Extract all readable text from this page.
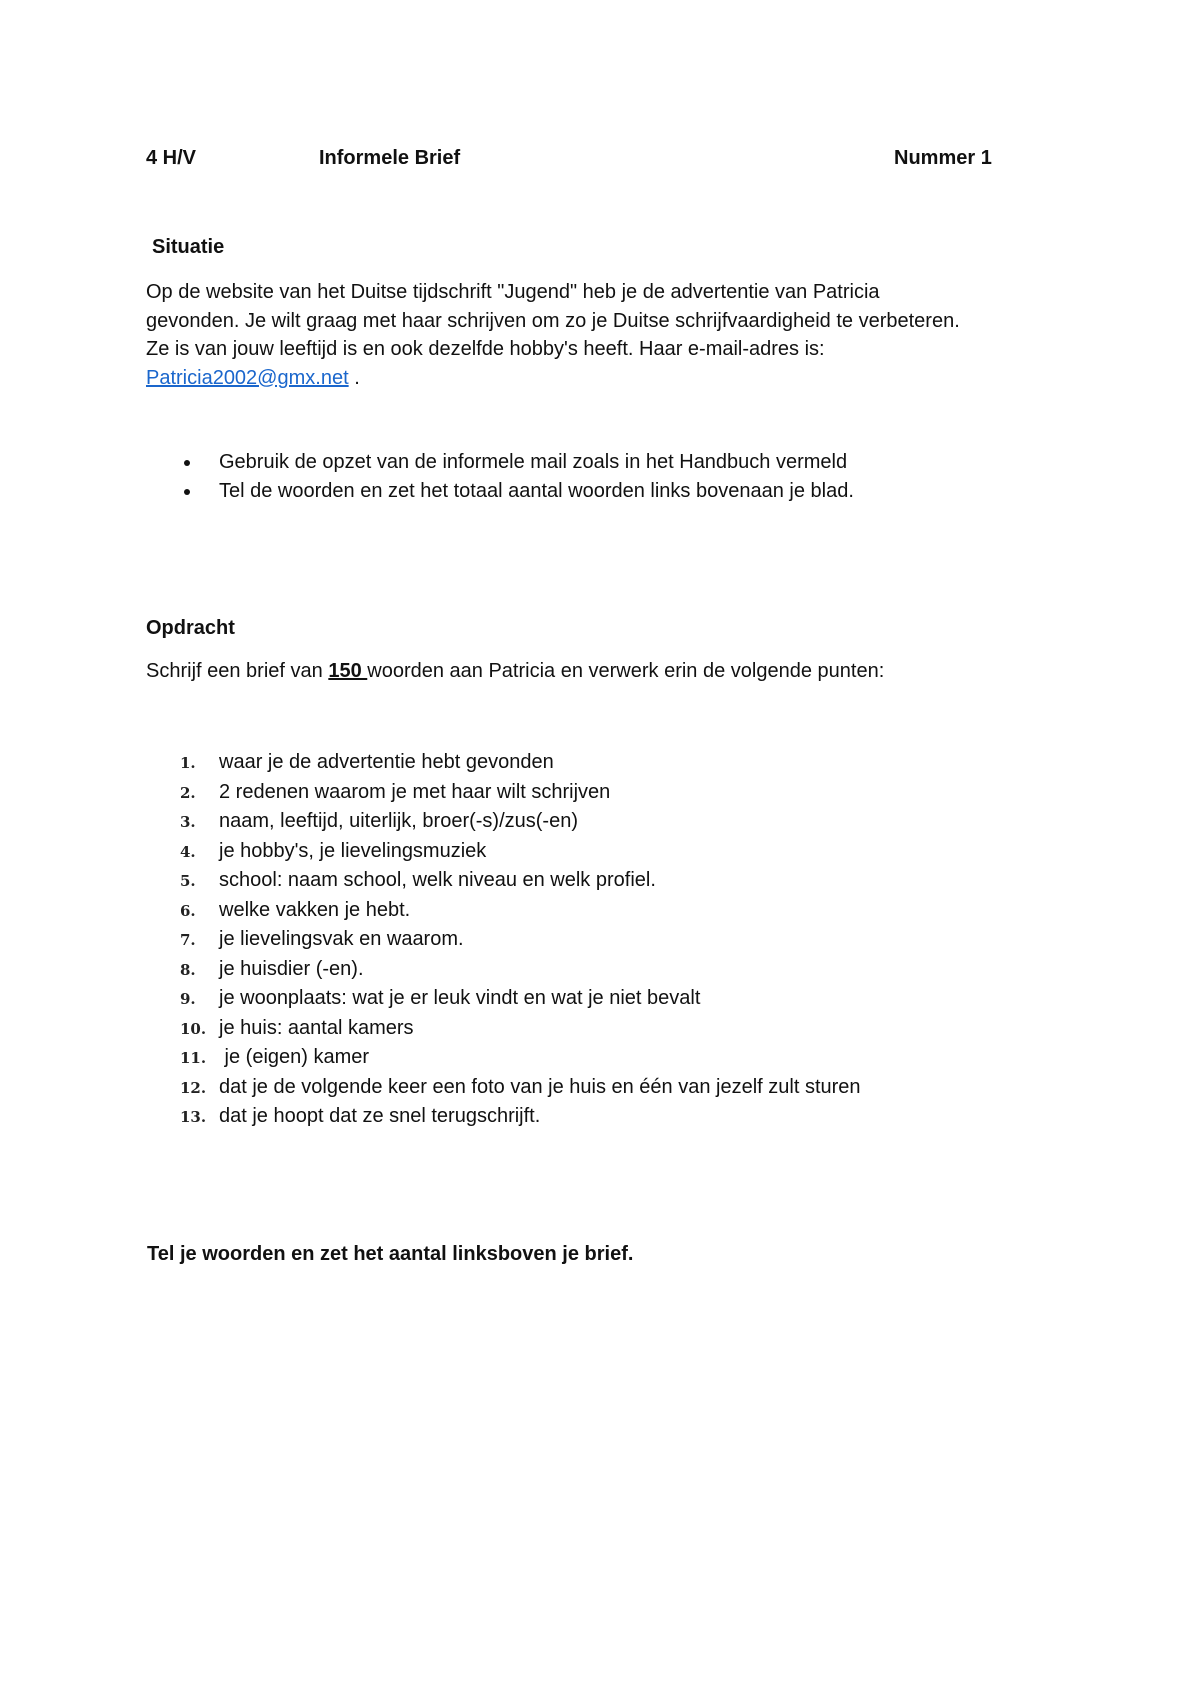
4 H/V	Informele Brief	Nummer 1
Situatie

Op de website van het Duitse tijdschrift "Jugend" heb je de advertentie van Patricia

gevonden. Je wilt graag met haar schrijven om zo je Duitse schrijfvaardigheid te verbeteren.

Ze is van jouw leeftijd is en ook dezelfde hobby's heeft. Haar e-mail-adres is:

Patricia2002@gmx.net .

Gebruik de opzet van de informele mail zoals in het Handbuch vermeld
Tel de woorden en zet het totaal aantal woorden links bovenaan je blad.
Opdracht

Schrijf een brief van 150 woorden aan Patricia en verwerk erin de volgende punten:

1. waar je de advertentie hebt gevonden
2. 2 redenen waarom je met haar wilt schrijven
3. naam, leeftijd, uiterlijk, broer(-s)/zus(-en)
4. je hobby's, je lievelingsmuziek
5. school: naam school, welk niveau en welk profiel.
6. welke vakken je hebt.
7. je lievelingsvak en waarom.
8. je huisdier (-en).
9. je woonplaats: wat je er leuk vindt en wat je niet bevalt
10. je huis: aantal kamers
11. je (eigen) kamer
12. dat je de volgende keer een foto van je huis en één van jezelf zult sturen
13. dat je hoopt dat ze snel terugschrijft.
Tel je woorden en zet het aantal linksboven je brief.
